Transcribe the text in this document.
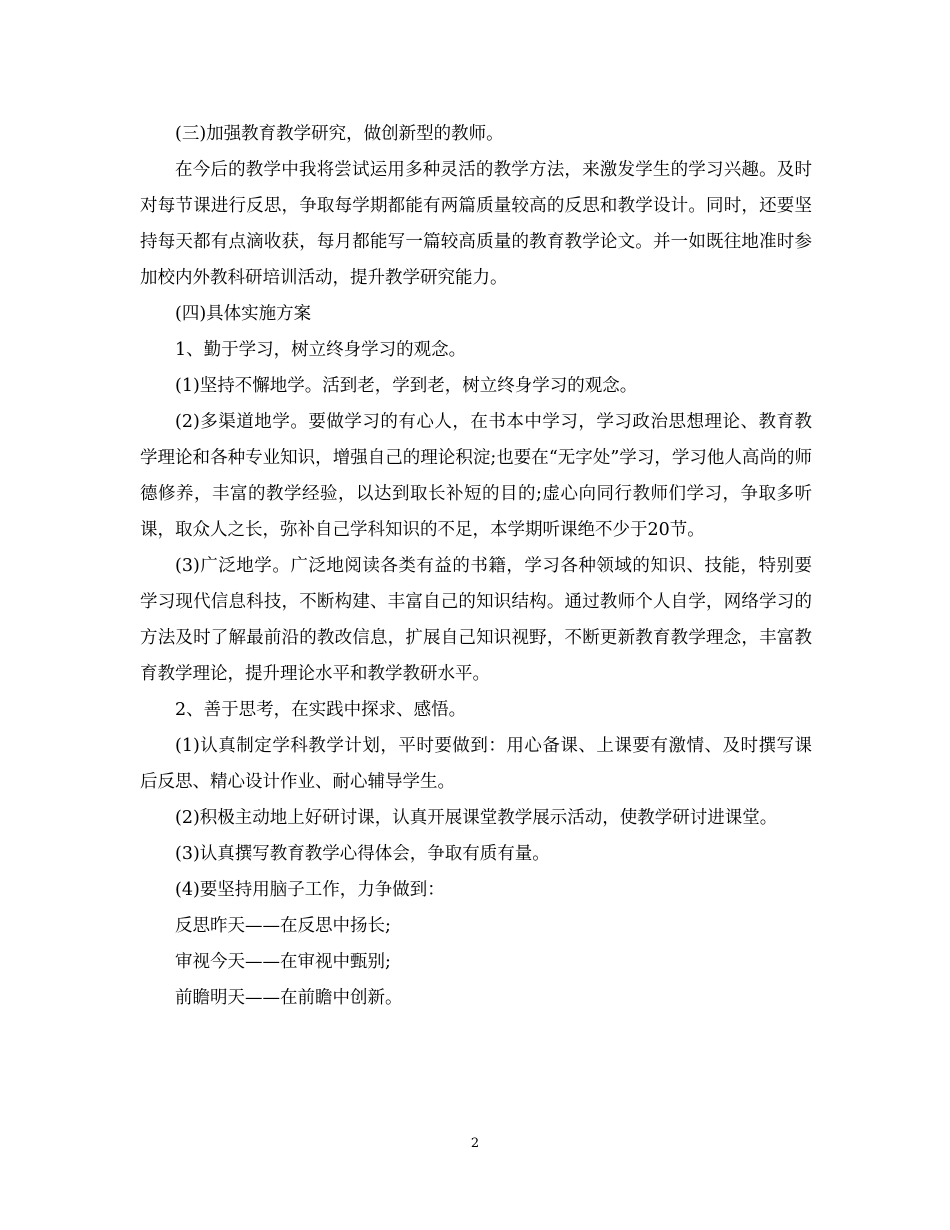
(三)加强教育教学研究，做创新型的教师。

在今后的教学中我将尝试运用多种灵活的教学方法，来激发学生的学习兴趣。及时对每节课进行反思，争取每学期都能有两篇质量较高的反思和教学设计。同时，还要坚持每天都有点滴收获，每月都能写一篇较高质量的教育教学论文。并一如既往地准时参加校内外教科研培训活动，提升教学研究能力。

(四)具体实施方案

1、勤于学习，树立终身学习的观念。

(1)坚持不懈地学。活到老，学到老，树立终身学习的观念。

(2)多渠道地学。要做学习的有心人，在书本中学习，学习政治思想理论、教育教学理论和各种专业知识，增强自己的理论积淀;也要在“无字处”学习，学习他人高尚的师德修养，丰富的教学经验，以达到取长补短的目的;虚心向同行教师们学习，争取多听课，取众人之长，弥补自己学科知识的不足，本学期听课绝不少于20节。

(3)广泛地学。广泛地阅读各类有益的书籍，学习各种领域的知识、技能，特别要学习现代信息科技，不断构建、丰富自己的知识结构。通过教师个人自学，网络学习的方法及时了解最前沿的教改信息，扩展自己知识视野，不断更新教育教学理念，丰富教育教学理论，提升理论水平和教学教研水平。

2、善于思考，在实践中探求、感悟。

(1)认真制定学科教学计划，平时要做到：用心备课、上课要有激情、及时撰写课后反思、精心设计作业、耐心辅导学生。

(2)积极主动地上好研讨课，认真开展课堂教学展示活动，使教学研讨进课堂。

(3)认真撰写教育教学心得体会，争取有质有量。

(4)要坚持用脑子工作，力争做到：

反思昨天——在反思中扬长;

审视今天——在审视中甄别;

前瞻明天——在前瞻中创新。

2
